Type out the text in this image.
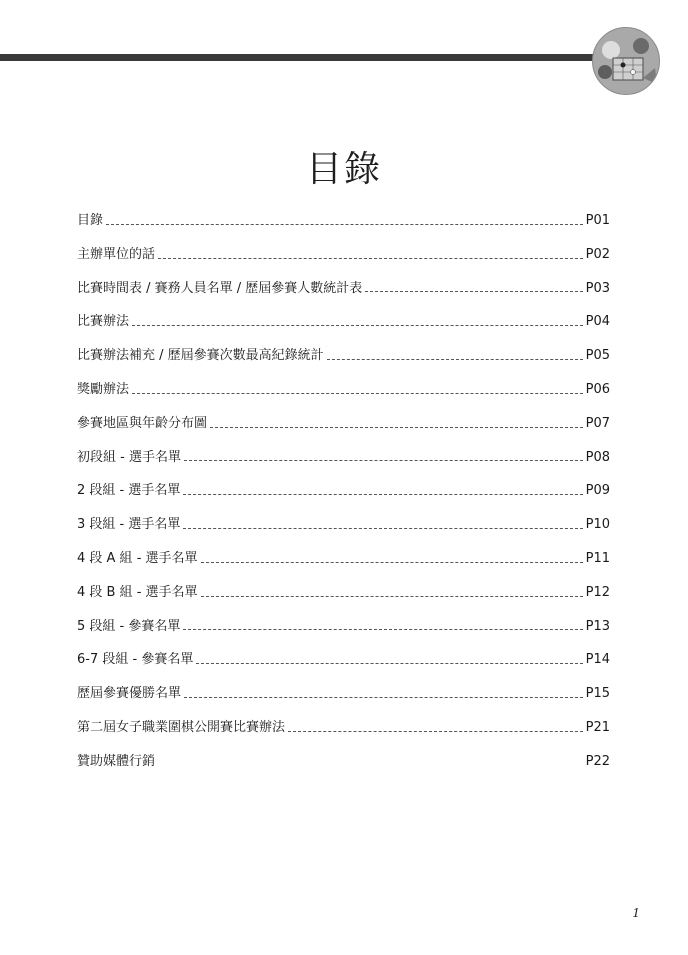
目錄
目錄	P01
主辦單位的話	P02
比賽時間表 / 賽務人員名單 / 歷屆參賽人數統計表	P03
比賽辦法	P04
比賽辦法補充 / 歷屆參賽次數最高紀錄統計	P05
獎勵辦法	P06
參賽地區與年齡分布圖	P07
初段組 - 選手名單	P08
2 段組 - 選手名單	P09
3 段組 - 選手名單	P10
4 段 A 組 - 選手名單	P11
4 段 B 組 - 選手名單	P12
5 段組 - 參賽名單	P13
6-7 段組 - 參賽名單	P14
歷屆參賽優勝名單	P15
第二屆女子職業圍棋公開賽比賽辦法	P21
贊助媒體行銷	P22
1
